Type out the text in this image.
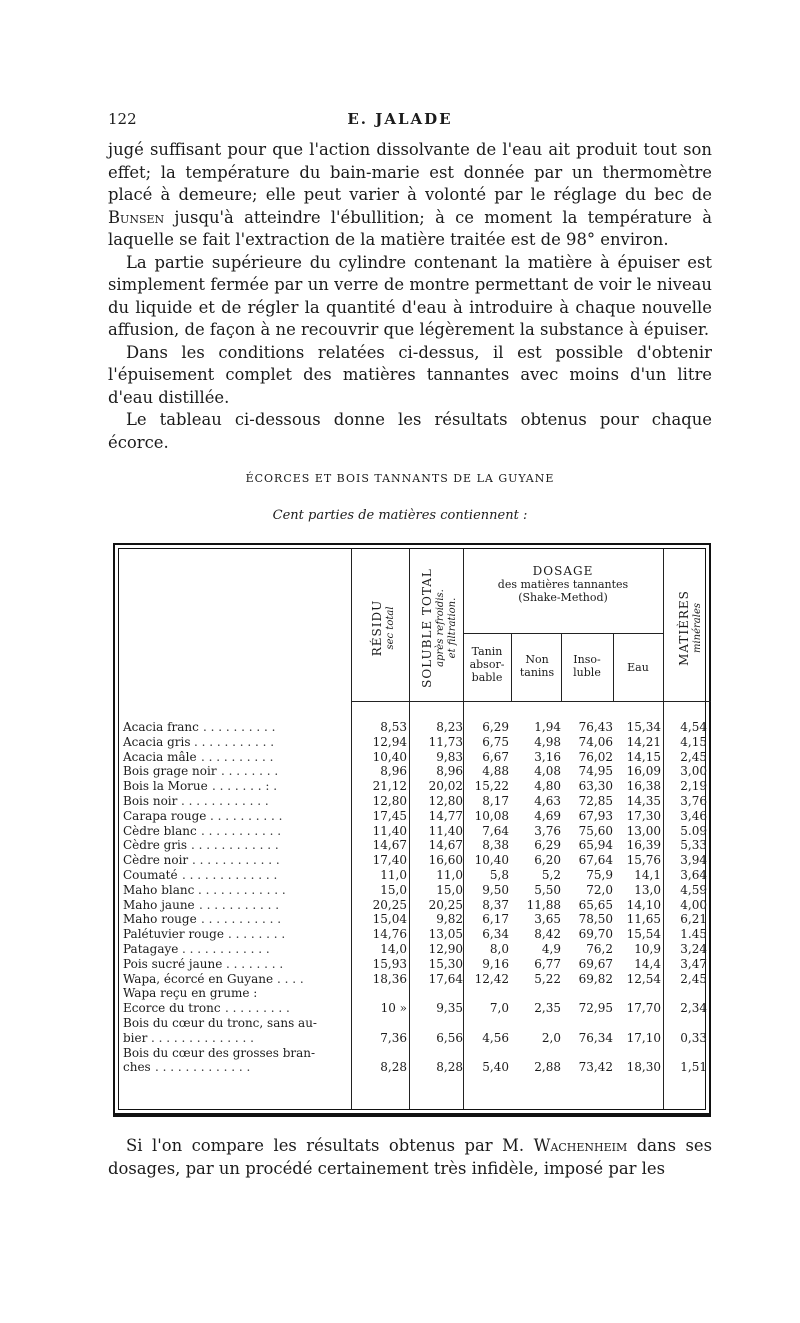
122	E. JALADE

jugé suffisant pour que l'action dissolvante de l'eau ait produit tout son effet; la température du bain-marie est donnée par un thermomètre placé à demeure; elle peut varier à volonté par le réglage du bec de Bunsen jusqu'à atteindre l'ébullition; à ce moment la température à laquelle se fait l'extraction de la matière traitée est de 98° environ.

La partie supérieure du cylindre contenant la matière à épuiser est simplement fermée par un verre de montre permettant de voir le niveau du liquide et de régler la quantité d'eau à introduire à chaque nouvelle affusion, de façon à ne recouvrir que légèrement la substance à épuiser.

Dans les conditions relatées ci-dessus, il est possible d'obtenir l'épuisement complet des matières tannantes avec moins d'un litre d'eau distillée.

Le tableau ci-dessous donne les résultats obtenus pour chaque écorce.

ÉCORCES ET BOIS TANNANTS DE LA GUYANE
Cent parties de matières contiennent :
RÉSIDU
sec total SOLUBLE TOTAL
après refroidis.
et filtration.
DOSAGE
des matières tannantes
(Shake-Method)
Tanin absor- bable
Non tanins
Inso- luble	Eau
MATIÈRES
minérales
Acacia franc . . . . . . . . . .	8,53	8,23	6,29	1,94	76,43	15,34	4,54
Acacia gris . . . . . . . . . . .	12,94	11,73	6,75	4,98	74,06	14,21	4,15
Acacia mâle . . . . . . . . . .	10,40	9,83	6,67	3,16	76,02	14,15	2,45
Bois grage noir . . . . . . . .	8,96	8,96	4,88	4,08	74,95	16,09	3,00
Bois la Morue . . . . . . . : .	21,12	20,02 15,22	4,80	63,30	16,38	2,19
Bois noir . . . . . . . . . . . .	12,80	12,80	8,17	4,63	72,85	14,35	3,76
Carapa rouge . . . . . . . . . .	17,45	14,77 10,08	4,69	67,93	17,30	3,46
Cèdre blanc . . . . . . . . . . .	11,40	11,40	7,64	3,76	75,60	13,00	5.09
Cèdre gris . . . . . . . . . . . .	14,67	14,67	8,38	6,29	65,94	16,39	5,33
Cèdre noir . . . . . . . . . . . .	17,40	16,60 10,40	6,20	67,64	15,76	3,94
Coumaté . . . . . . . . . . . . .	11,0	11,0	5,8	5,2	75,9	14,1	3,64
Maho blanc . . . . . . . . . . . .	15,0	15,0	9,50	5,50	72,0	13,0	4,59
Maho jaune . . . . . . . . . . .	20,25	20,25	8,37	11,88	65,65	14,10	4,00
Maho rouge . . . . . . . . . . .	15,04	9,82	6,17	3,65	78,50	11,65	6,21
Palétuvier rouge . . . . . . . .	14,76	13,05	6,34	8,42	69,70	15,54	1.45
Patagaye . . . . . . . . . . . .	14,0	12,90	8,0	4,9	76,2	10,9	3,24
Pois sucré jaune . . . . . . . .	15,93	15,30	9,16	6,77	69,67	14,4	3,47
Wapa, écorcé en Guyane . . . .	18,36	17,64 12,42	5,22	69,82	12,54	2,45
Wapa reçu en grume :
Ecorce du tronc . . . . . . . . .	10 »	9,35	7,0	2,35	72,95	17,70	2,34
Bois du cœur du tronc, sans au-
bier . . . . . . . . . . . . . .	7,36	6,56	4,56	2,0	76,34	17,10	0,33
Bois du cœur des grosses bran-
ches . . . . . . . . . . . . .	8,28	8,28	5,40	2,88	73,42	18,30	1,51

Si l'on compare les résultats obtenus par M. Wachenheim dans ses dosages, par un procédé certainement très infidèle, imposé par les
